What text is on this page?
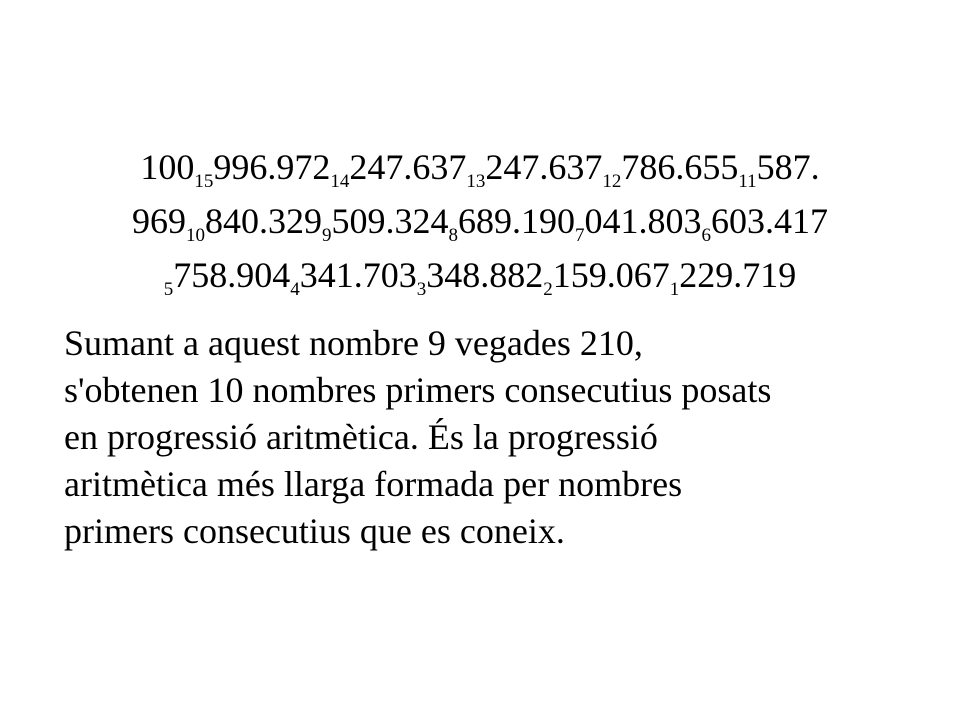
$100_{15}996.972_{14}247.637_{13}247.637_{12}786.655_{11}587$.
$969_{10}840.329_9509.324_8689.190_7041.803_6603.417$
$_5758.904_4341.703_3348.882_2159.067_1229.719$

Sumant a aquest nombre 9 vegades 210,
s'obtenen 10 nombres primers consecutius posats
en progressió aritmètica. És la progressió
aritmètica més llarga formada per nombres
primers consecutius que es coneix.
